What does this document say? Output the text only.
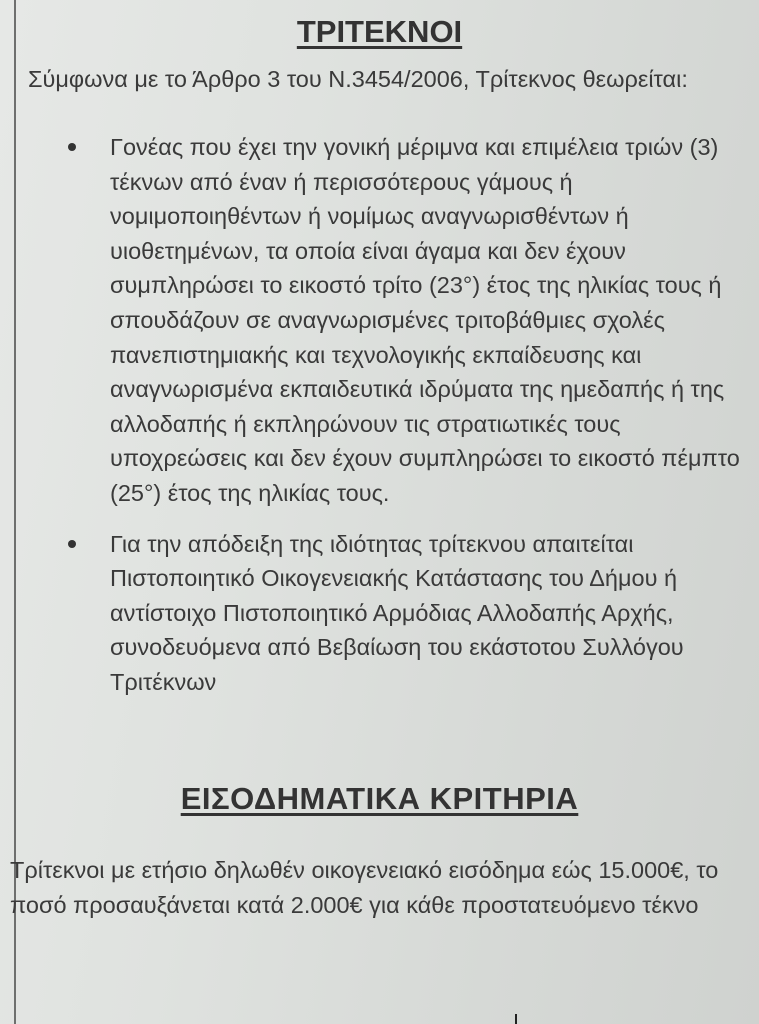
ΤΡΙΤΕΚΝΟΙ

Σύμφωνα με το Άρθρο 3 του Ν.3454/2006, Τρίτεκνος θεωρείται:

Γονέας που έχει την γονική μέριμνα και επιμέλεια τριών (3) τέκνων από έναν ή περισσότερους γάμους ή νομιμοποιηθέντων ή νομίμως αναγνωρισθέντων ή υιοθετημένων, τα οποία είναι άγαμα και δεν έχουν συμπληρώσει το εικοστό τρίτο (23°) έτος της ηλικίας τους ή σπουδάζουν σε αναγνωρισμένες τριτοβάθμιες σχολές πανεπιστημιακής και τεχνολογικής εκπαίδευσης και αναγνωρισμένα εκπαιδευτικά ιδρύματα της ημεδαπής ή της αλλοδαπής ή εκπληρώνουν τις στρατιωτικές τους υποχρεώσεις και δεν έχουν συμπληρώσει το εικοστό πέμπτο (25°) έτος της ηλικίας τους.
Για την απόδειξη της ιδιότητας τρίτεκνου απαιτείται Πιστοποιητικό Οικογενειακής Κατάστασης του Δήμου ή αντίστοιχο Πιστοποιητικό Αρμόδιας Αλλοδαπής Αρχής, συνοδευόμενα από Βεβαίωση του εκάστοτου Συλλόγου Τριτέκνων
ΕΙΣΟΔΗΜΑΤΙΚΑ ΚΡΙΤΗΡΙΑ

Τρίτεκνοι με ετήσιο δηλωθέν οικογενειακό εισόδημα εώς 15.000€, το ποσό προσαυξάνεται κατά 2.000€ για κάθε προστατευόμενο τέκνο
